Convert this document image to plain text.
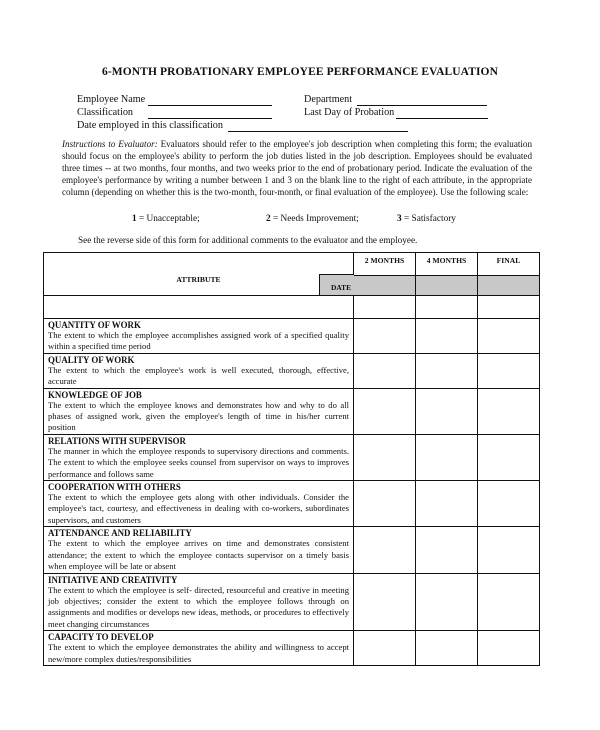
6-MONTH PROBATIONARY EMPLOYEE PERFORMANCE EVALUATION
Employee Name	Department
Classification	Last Day of Probation
Date employed in this classification
Instructions to Evaluator: Evaluators should refer to the employee's job description when completing this form; the evaluation should focus on the employee's ability to perform the job duties listed in the job description. Employees should be evaluated three times -- at two months, four months, and two weeks prior to the end of probationary period. Indicate the evaluation of the employee's performance by writing a number between 1 and 3 on the blank line to the right of each attribute, in the appropriate column (depending on whether this is the two-month, four-month, or final evaluation of the employee). Use the following scale:
1 = Unacceptable;	2 = Needs Improvement;	3 = Satisfactory
See the reverse side of this form for additional comments to the evaluator and the employee.
ATTRIBUTE
DATE	2 MONTHS	4 MONTHS	FINAL

QUANTITY OF WORK
The extent to which the employee accomplishes assigned work of a specified quality within a specified time period			

QUALITY OF WORK
The extent to which the employee's work is well executed, thorough, effective, accurate			

KNOWLEDGE OF JOB
The extent to which the employee knows and demonstrates how and why to do all phases of assigned work, given the employee's length of time in his/her current position			

RELATIONS WITH SUPERVISOR
The manner in which the employee responds to supervisory directions and comments. The extent to which the employee seeks counsel from supervisor on ways to improves performance and follows same			

COOPERATION WITH OTHERS
The extent to which the employee gets along with other individuals. Consider the employee's tact, courtesy, and effectiveness in dealing with co-workers, subordinates supervisors, and customers			

ATTENDANCE AND RELIABILITY
The extent to which the employee arrives on time and demonstrates consistent attendance; the extent to which the employee contacts supervisor on a timely basis when employee will be late or absent			

INITIATIVE AND CREATIVITY
The extent to which the employee is self- directed, resourceful and creative in meeting job objectives; consider the extent to which the employee follows through on assignments and modifies or develops new ideas, methods, or procedures to effectively meet changing circumstances			

CAPACITY TO DEVELOP
The extent to which the employee demonstrates the ability and willingness to accept new/more complex duties/responsibilities			
